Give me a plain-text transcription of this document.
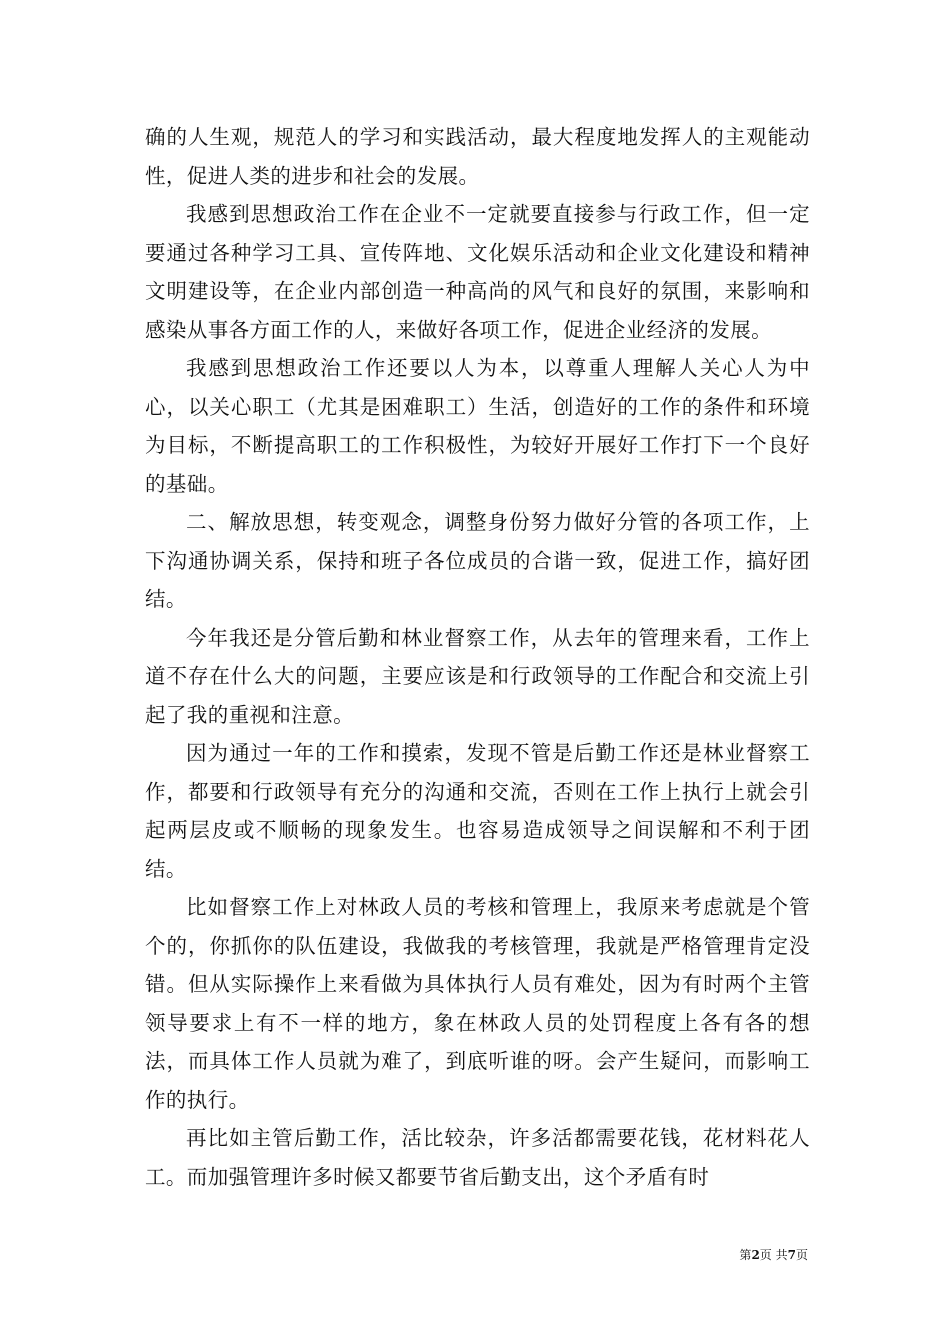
确的人生观，规范人的学习和实践活动，最大程度地发挥人的主观能动性，促进人类的进步和社会的发展。

我感到思想政治工作在企业不一定就要直接参与行政工作，但一定要通过各种学习工具、宣传阵地、文化娱乐活动和企业文化建设和精神文明建设等，在企业内部创造一种高尚的风气和良好的氛围，来影响和感染从事各方面工作的人，来做好各项工作，促进企业经济的发展。

我感到思想政治工作还要以人为本，以尊重人理解人关心人为中心，以关心职工（尤其是困难职工）生活，创造好的工作的条件和环境为目标，不断提高职工的工作积极性，为较好开展好工作打下一个良好的基础。

二、解放思想，转变观念，调整身份努力做好分管的各项工作，上下沟通协调关系，保持和班子各位成员的合谐一致，促进工作，搞好团结。

今年我还是分管后勤和林业督察工作，从去年的管理来看，工作上道不存在什么大的问题，主要应该是和行政领导的工作配合和交流上引起了我的重视和注意。

因为通过一年的工作和摸索，发现不管是后勤工作还是林业督察工作，都要和行政领导有充分的沟通和交流，否则在工作上执行上就会引起两层皮或不顺畅的现象发生。也容易造成领导之间误解和不利于团结。

比如督察工作上对林政人员的考核和管理上，我原来考虑就是个管个的，你抓你的队伍建设，我做我的考核管理，我就是严格管理肯定没错。但从实际操作上来看做为具体执行人员有难处，因为有时两个主管领导要求上有不一样的地方，象在林政人员的处罚程度上各有各的想法，而具体工作人员就为难了，到底听谁的呀。会产生疑问，而影响工作的执行。

再比如主管后勤工作，活比较杂，许多活都需要花钱，花材料花人工。而加强管理许多时候又都要节省后勤支出，这个矛盾有时

第2页 共7页
